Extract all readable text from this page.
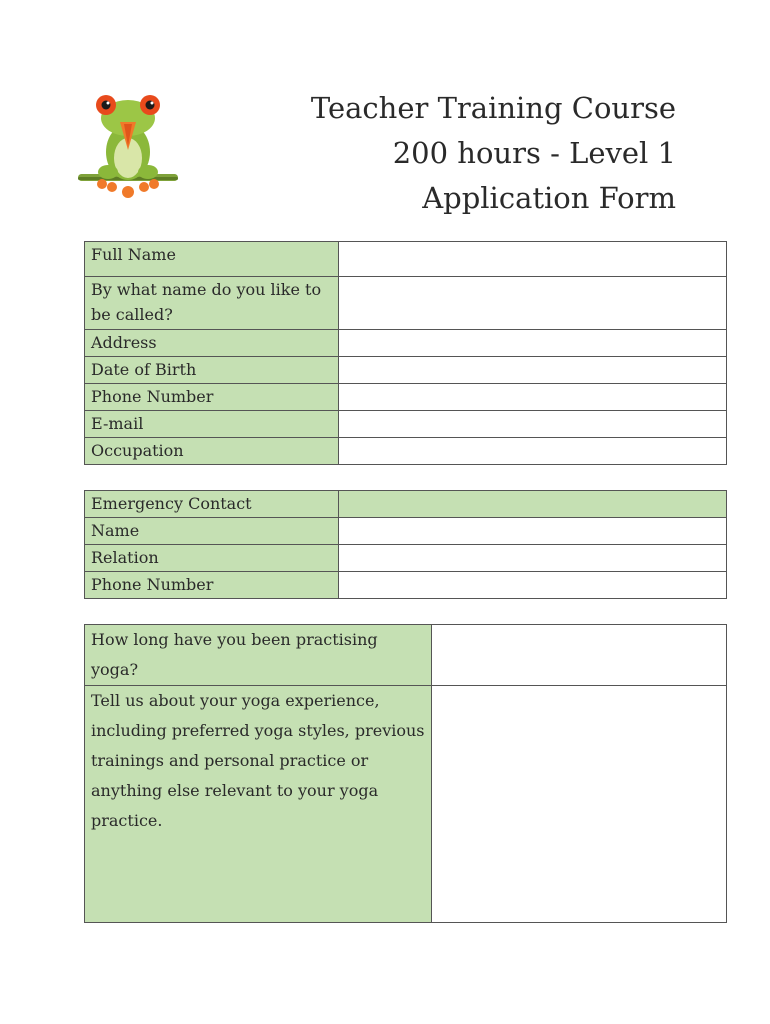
Teacher Training Course
200 hours - Level 1
Application Form
Full Name	
By what name do you like to be called?	
Address	
Date of Birth	
Phone Number	
E-mail	
Occupation	
Emergency Contact	
Name	
Relation	
Phone Number	
How long have you been practising yoga?	
Tell us about your yoga experience, including preferred yoga styles, previous trainings and personal practice or anything else relevant to your yoga practice.	
